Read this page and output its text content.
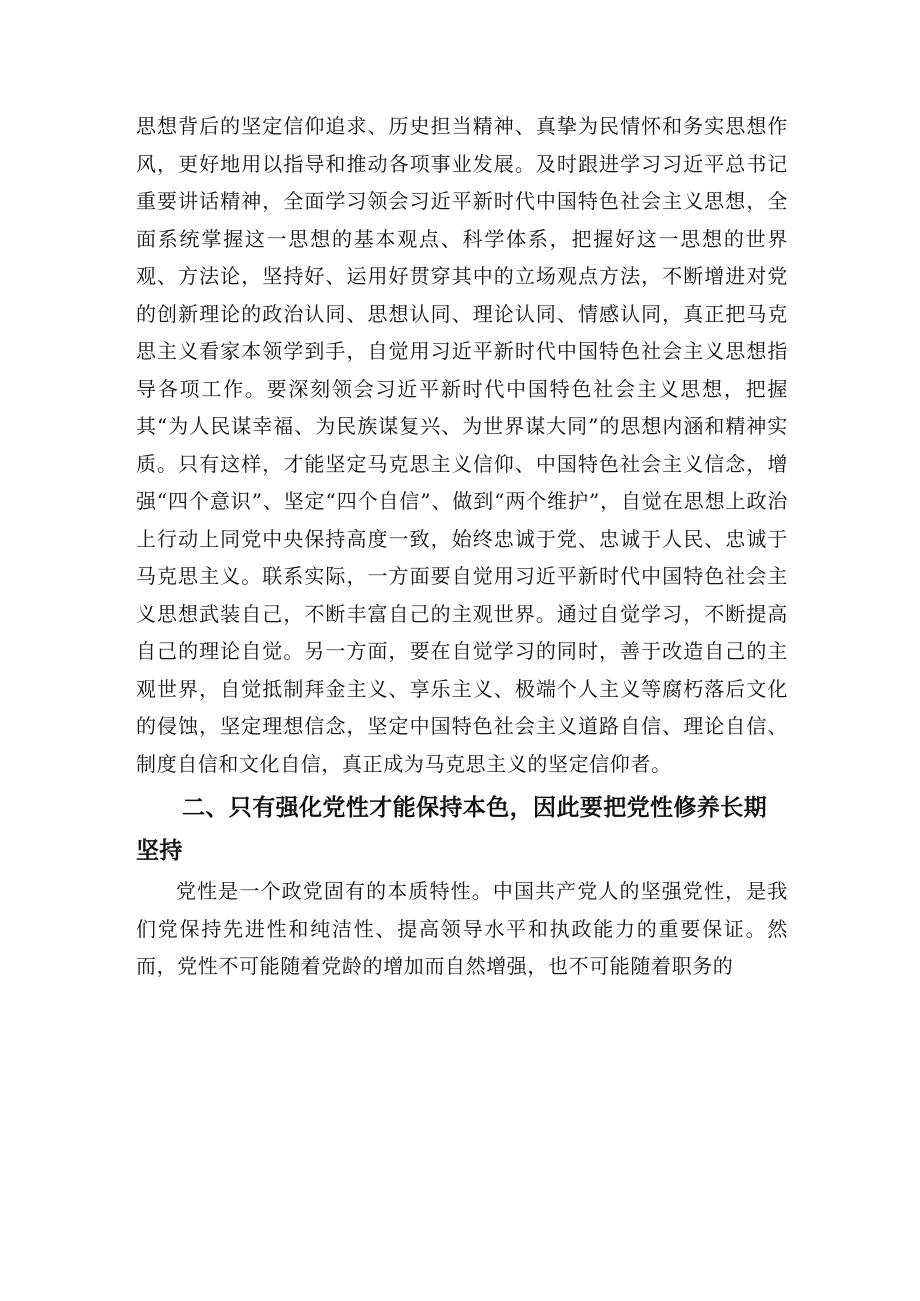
思想背后的坚定信仰追求、历史担当精神、真挚为民情怀和务实思想作风，更好地用以指导和推动各项事业发展。及时跟进学习习近平总书记重要讲话精神，全面学习领会习近平新时代中国特色社会主义思想，全面系统掌握这一思想的基本观点、科学体系，把握好这一思想的世界观、方法论，坚持好、运用好贯穿其中的立场观点方法，不断增进对党的创新理论的政治认同、思想认同、理论认同、情感认同，真正把马克思主义看家本领学到手，自觉用习近平新时代中国特色社会主义思想指导各项工作。要深刻领会习近平新时代中国特色社会主义思想，把握其“为人民谋幸福、为民族谋复兴、为世界谋大同”的思想内涵和精神实质。只有这样，才能坚定马克思主义信仰、中国特色社会主义信念，增强“四个意识”、坚定“四个自信”、做到“两个维护”，自觉在思想上政治上行动上同党中央保持高度一致，始终忠诚于党、忠诚于人民、忠诚于马克思主义。联系实际，一方面要自觉用习近平新时代中国特色社会主义思想武装自己，不断丰富自己的主观世界。通过自觉学习，不断提高自己的理论自觉。另一方面，要在自觉学习的同时，善于改造自己的主观世界，自觉抵制拜金主义、享乐主义、极端个人主义等腐朽落后文化的侵蚀，坚定理想信念，坚定中国特色社会主义道路自信、理论自信、制度自信和文化自信，真正成为马克思主义的坚定信仰者。

二、只有强化党性才能保持本色，因此要把党性修养长期坚持

党性是一个政党固有的本质特性。中国共产党人的坚强党性，是我们党保持先进性和纯洁性、提高领导水平和执政能力的重要保证。然而，党性不可能随着党龄的增加而自然增强，也不可能随着职务的
